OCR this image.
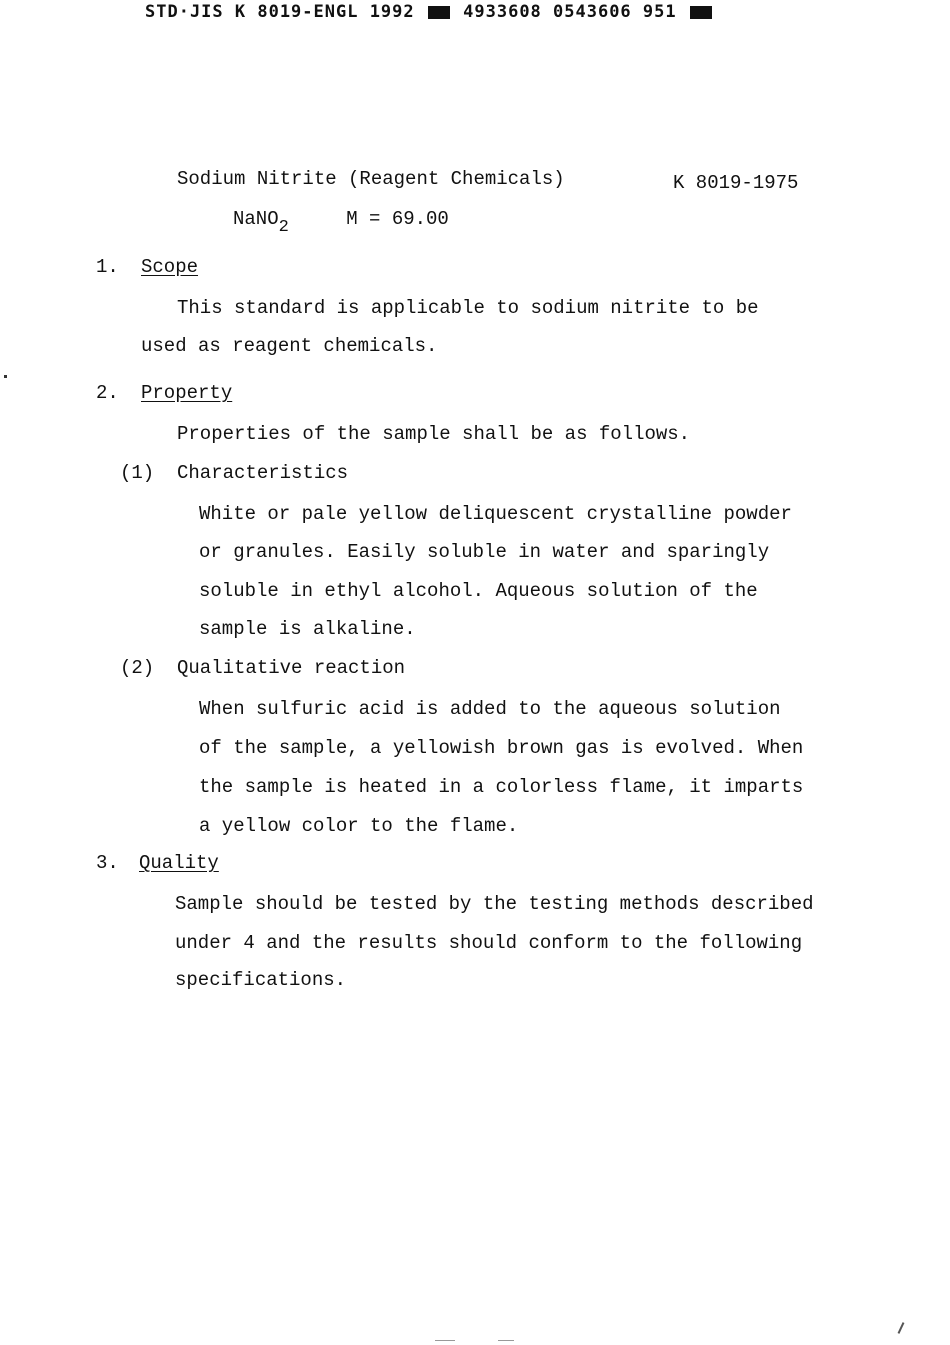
STD·JIS K 8019-ENGL 1992	4933608 0543606 951
Sodium Nitrite (Reagent Chemicals)	K 8019-1975
NaNO$_2$	M = 69.00
1. Scope
This standard is applicable to sodium nitrite to be
used as reagent chemicals.
2. Property
Properties of the sample shall be as follows.
(1) Characteristics
White or pale yellow deliquescent crystalline powder
or granules. Easily soluble in water and sparingly
soluble in ethyl alcohol. Aqueous solution of the
sample is alkaline.
(2) Qualitative reaction
When sulfuric acid is added to the aqueous solution
of the sample, a yellowish brown gas is evolved. When
the sample is heated in a colorless flame, it imparts
a yellow color to the flame.
3. Quality
Sample should be tested by the testing methods described
under 4 and the results should conform to the following
specifications.
